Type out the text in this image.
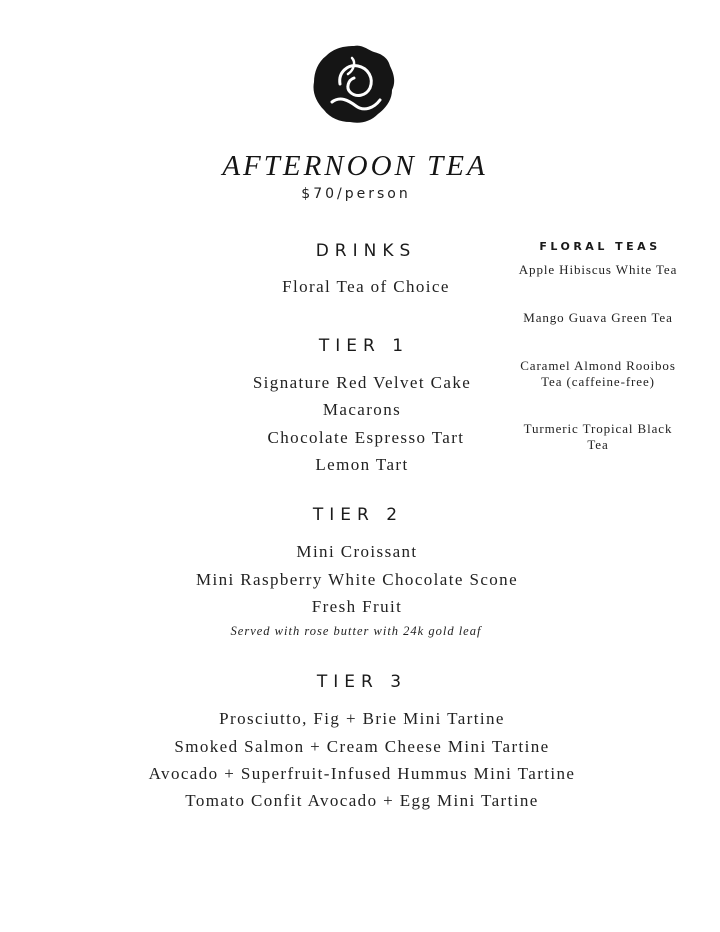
AFTERNOON TEA
$70/person
DRINKS
Floral Tea of Choice
TIER 1
Signature Red Velvet Cake
Macarons
Chocolate Espresso Tart
Lemon Tart
TIER 2
Mini Croissant
Mini Raspberry White Chocolate Scone
Fresh Fruit
Served with rose butter with 24k gold leaf
TIER 3
Prosciutto, Fig + Brie Mini Tartine
Smoked Salmon + Cream Cheese Mini Tartine
Avocado + Superfruit-Infused Hummus Mini Tartine
Tomato Confit Avocado + Egg Mini Tartine
FLORAL TEAS
Apple Hibiscus White Tea
Mango Guava Green Tea
Caramel Almond Rooibos Tea (caffeine-free)
Turmeric Tropical Black Tea
